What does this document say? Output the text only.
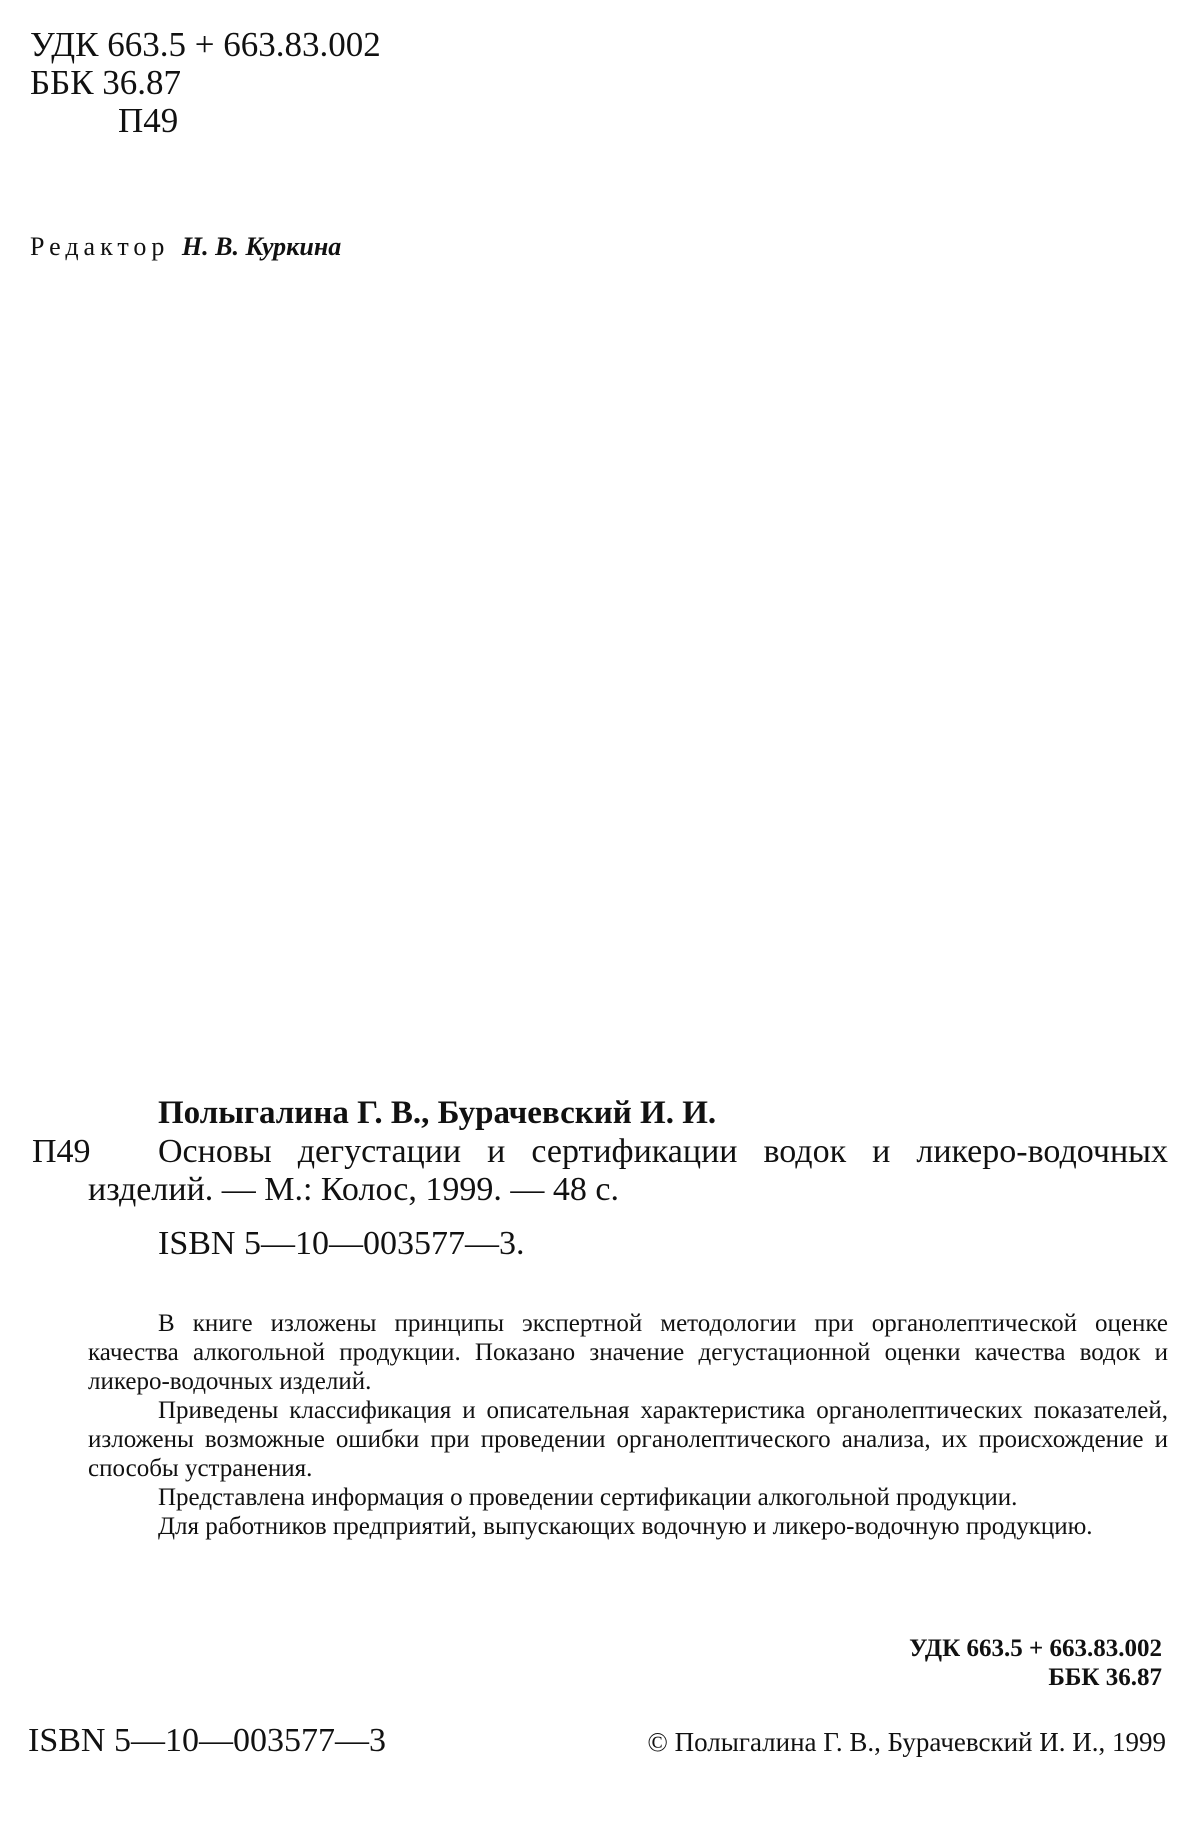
УДК 663.5 + 663.83.002
ББК 36.87
П49
Редактор Н. В. Куркина
Полыгалина Г. В., Бурачевский И. И.
П49	Основы дегустации и сертификации водок и ликеро-водочных изделий. — М.: Колос, 1999. — 48 с.
ISBN 5—10—003577—3.

В книге изложены принципы экспертной методологии при органолептической оценке качества алкогольной продукции. Показано значение дегустационной оценки качества водок и ликеро-водочных изделий.

Приведены классификация и описательная характеристика органолептических показателей, изложены возможные ошибки при проведении органолептического анализа, их происхождение и способы устранения.

Представлена информация о проведении сертификации алкогольной продукции.

Для работников предприятий, выпускающих водочную и ликеро-водочную продукцию.

УДК 663.5 + 663.83.002
ББК 36.87
ISBN 5—10—003577—3	© Полыгалина Г. В., Бурачевский И. И., 1999
